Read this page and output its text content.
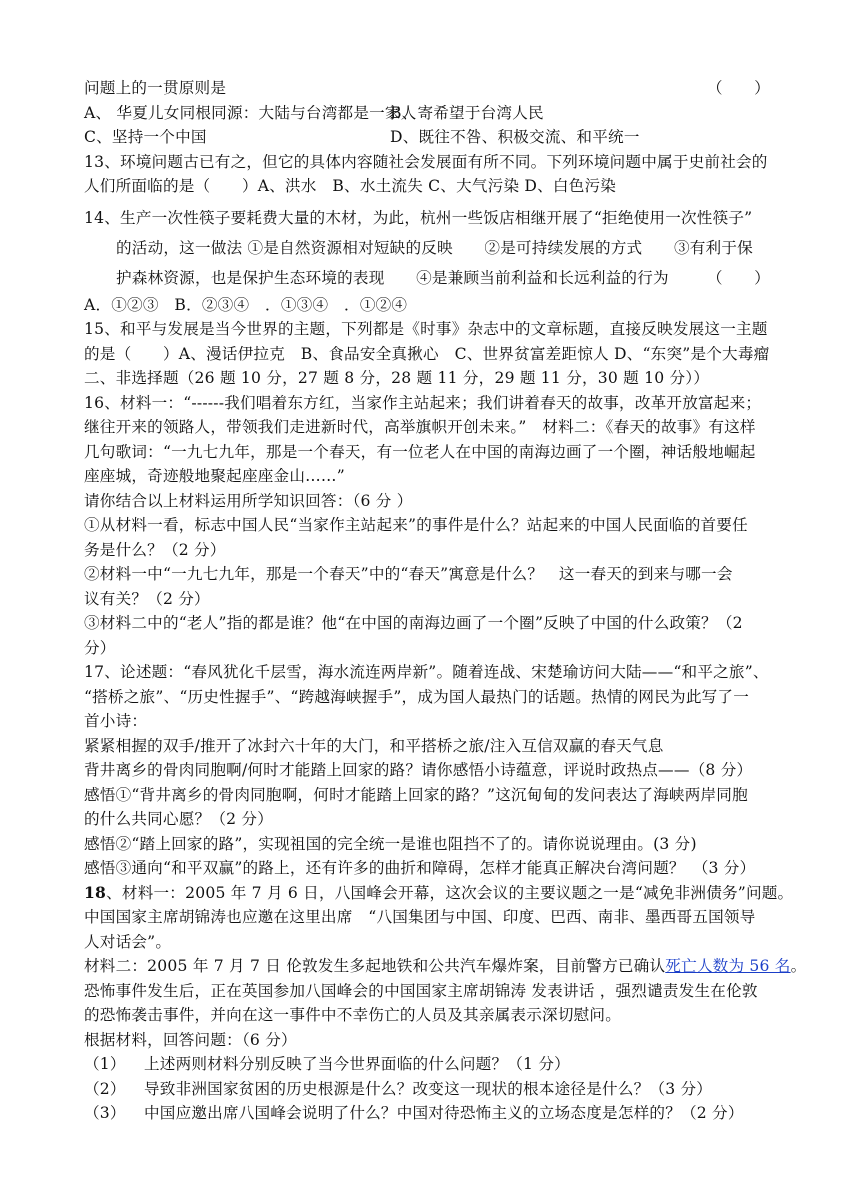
问题上的一贯原则是	（　　）
A、 华夏儿女同根同源：大陆与台湾都是一家人
B、寄希望于台湾人民
C、坚持一个中国	D、既往不咎、积极交流、和平统一
13、环境问题古已有之，但它的具体内容随社会发展面有所不同。下列环境问题中属于史前社会的
人们所面临的是（　　）A、洪水　B、水土流失 C、大气污染 D、白色污染
14、生产一次性筷子要耗费大量的木材，为此，杭州一些饭店相继开展了“拒绝使用一次性筷子”
的活动，这一做法 ①是自然资源相对短缺的反映　　②是可持续发展的方式　　③有利于保
护森林资源，也是保护生态环境的表现　　④是兼顾当前利益和长远利益的行为 （　　）
A．①②③　B．②③④　．①③④　．①②④
15、和平与发展是当今世界的主题，下列都是《时事》杂志中的文章标题，直接反映发展这一主题
的是（　　）A、漫话伊拉克　B、食品安全真揪心　C、世界贫富差距惊人 D、“东突”是个大毒瘤
二、非选择题（26 题 10 分，27 题 8 分，28 题 11 分，29 题 11 分，30 题 10 分））
16、材料一：“------我们唱着东方红，当家作主站起来；我们讲着春天的故事，改革开放富起来；
继往开来的领路人，带领我们走进新时代，高举旗帜开创未来。”　材料二：《春天的故事》有这样
几句歌词：“一九七九年，那是一个春天，有一位老人在中国的南海边画了一个圈，神话般地崛起
座座城，奇迹般地聚起座座金山……”
请你结合以上材料运用所学知识回答：（6 分 ）
①从材料一看，标志中国人民“当家作主站起来”的事件是什么？站起来的中国人民面临的首要任
务是什么？（2 分）
②材料一中“一九七九年，那是一个春天”中的“春天”寓意是什么？　这一春天的到来与哪一会
议有关？（2 分）
③材料二中的“老人”指的都是谁？他“在中国的南海边画了一个圈”反映了中国的什么政策？（2
分）
17、论述题：“春风犹化千层雪，海水流连两岸新”。随着连战、宋楚瑜访问大陆——“和平之旅”、
“搭桥之旅”、“历史性握手”、“跨越海峡握手”，成为国人最热门的话题。热情的网民为此写了一
首小诗：
紧紧相握的双手/推开了冰封六十年的大门，和平搭桥之旅/注入互信双赢的春天气息
背井离乡的骨肉同胞啊/何时才能踏上回家的路？请你感悟小诗蕴意，评说时政热点——（8 分）
感悟①“背井离乡的骨肉同胞啊，何时才能踏上回家的路？”这沉甸甸的发问表达了海峡两岸同胞
的什么共同心愿？（2 分）
感悟②“踏上回家的路”，实现祖国的完全统一是谁也阻挡不了的。请你说说理由。(3 分)
感悟③通向“和平双赢”的路上，还有许多的曲折和障碍，怎样才能真正解决台湾问题？　（3 分）
18、材料一：2005 年 7 月 6 日，八国峰会开幕，这次会议的主要议题之一是“减免非洲债务”问题。
中国国家主席胡锦涛也应邀在这里出席　“八国集团与中国、印度、巴西、南非、墨西哥五国领导
人对话会”。
材料二：2005 年 7 月 7 日 伦敦发生多起地铁和公共汽车爆炸案，目前警方已确认死亡人数为 56 名。
恐怖事件发生后，正在英国参加八国峰会的中国国家主席胡锦涛 发表讲话 ，强烈谴责发生在伦敦
的恐怖袭击事件，并向在这一事件中不幸伤亡的人员及其亲属表示深切慰问。
根据材料，回答问题：（6 分）
（1）	上述两则材料分别反映了当今世界面临的什么问题？（1 分）
（2）	导致非洲国家贫困的历史根源是什么？改变这一现状的根本途径是什么？（3 分）
（3）	中国应邀出席八国峰会说明了什么？中国对待恐怖主义的立场态度是怎样的？（2 分）
